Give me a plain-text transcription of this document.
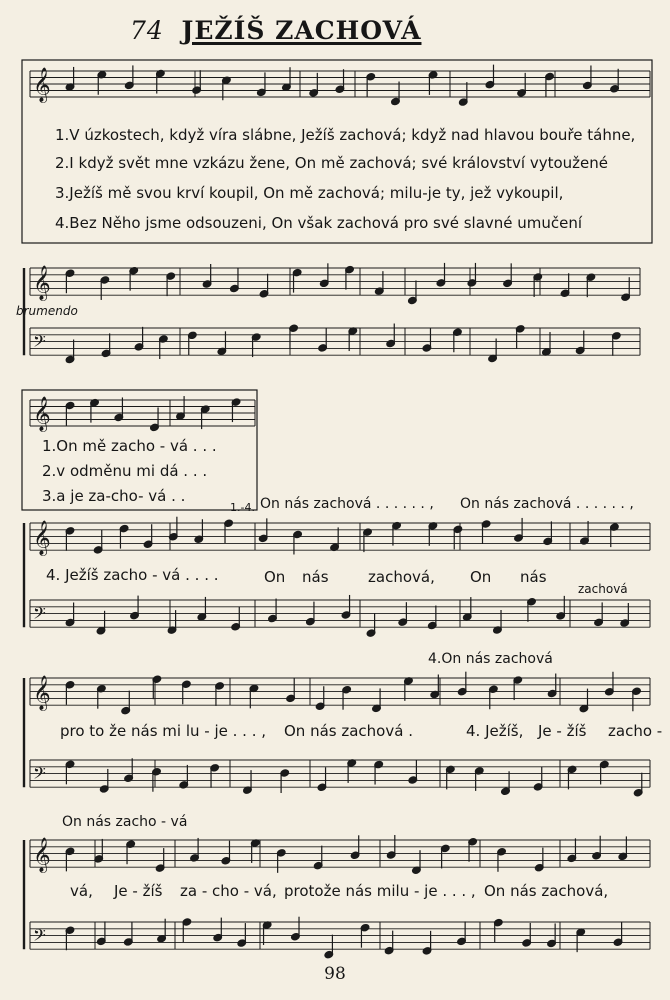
74 JEŽÍŠ ZACHOVÁ
𝄞
𝄞
𝄢
𝄞
𝄞
𝄢
𝄞
𝄢
𝄞
𝄢
1.V úzkostech, když víra slábne, Ježíš zachová; když nad hlavou bouře táhne,
2.I když svět mne vzkázu žene, On mě zachová; své království vytoužené
3.Ježíš mě svou krví koupil, On mě zachová; milu-je ty, jež vykoupil,
4.Bez Něho jsme odsouzeni, On však zachová pro své slavné umučení
brumendo
1.On mě zacho - vá . . .
2.v odměnu mi dá . . .
3.a je za-cho- vá . .
1.-4. On nás zachová . . . . . . , On nás zachová . . . . . . ,
4. Ježíš zacho - vá . . . .	On nás	zachová, On nás
zachová
4.On nás zachová
pro to že nás mi lu - je . . . , On nás zachová .	4. Ježíš, Je - žíš zacho -
On nás zacho - vá
vá, Je - žíš za - cho - vá, protože nás milu - je . . . , On nás zachová,
98
